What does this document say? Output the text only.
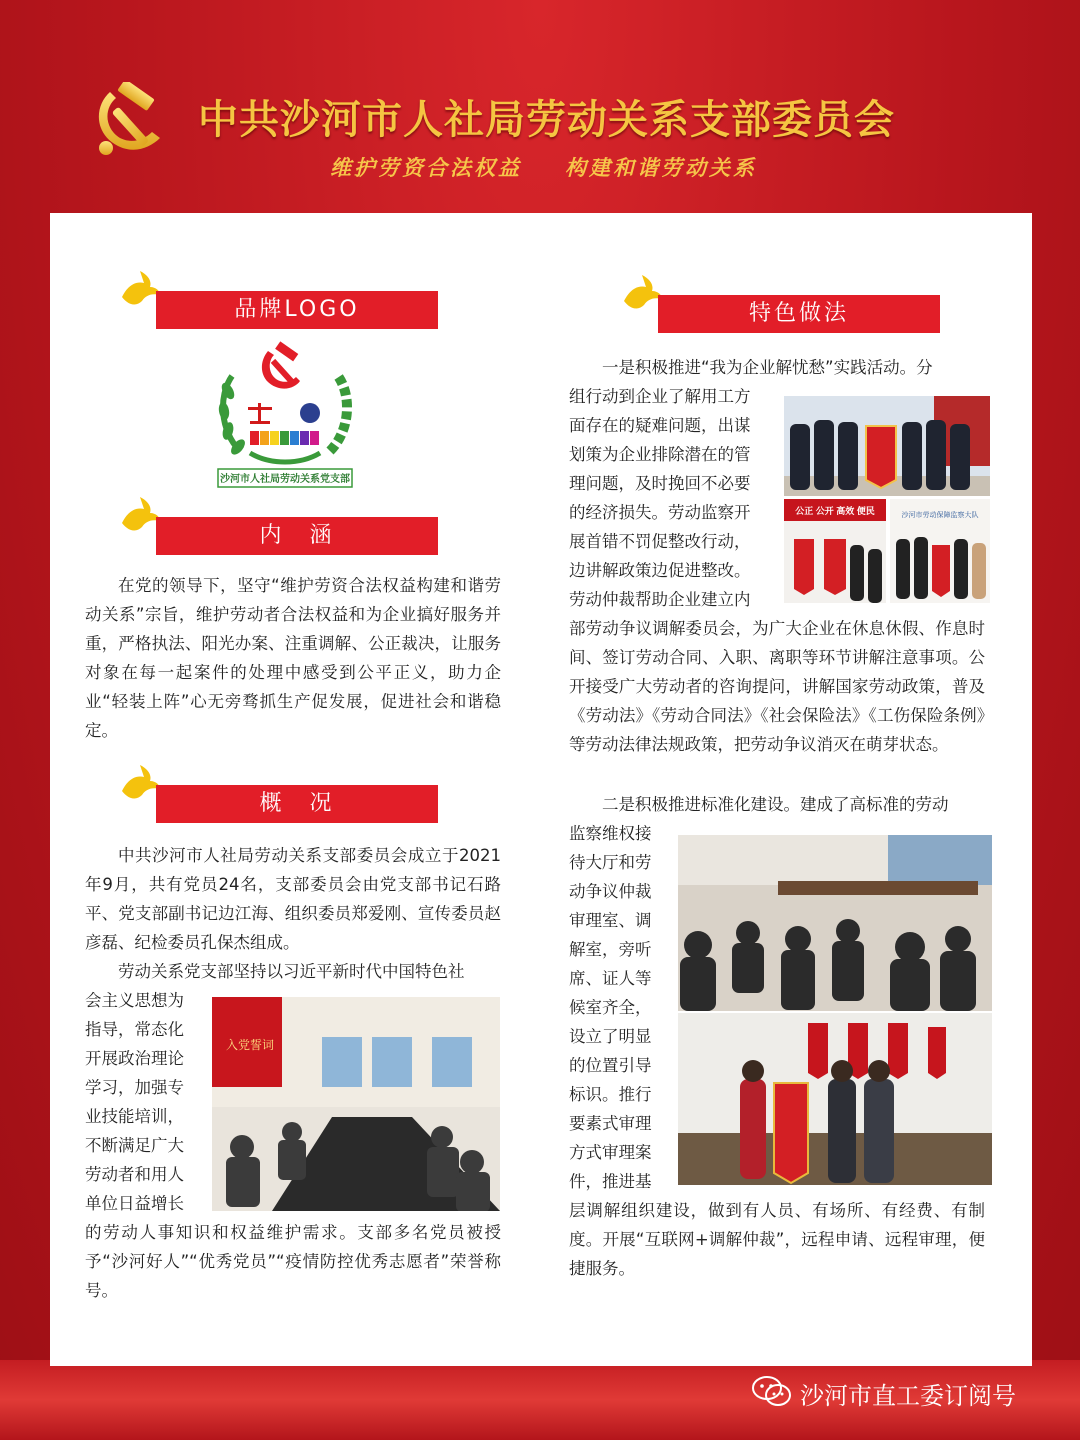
中共沙河市人社局劳动关系支部委员会
维护劳资合法权益 构建和谐劳动关系
品牌LOGO
沙河市人社局劳动关系党支部
内　涵

在党的领导下，坚守“维护劳资合法权益构建和谐劳动关系”宗旨，维护劳动者合法权益和为企业搞好服务并重，严格执法、阳光办案、注重调解、公正裁决，让服务对象在每一起案件的处理中感受到公平正义，助力企业“轻装上阵”心无旁骛抓生产促发展，促进社会和谐稳定。

概　况

中共沙河市人社局劳动关系支部委员会成立于2021年9月，共有党员24名，支部委员会由党支部书记石路平、党支部副书记边江海、组织委员郑爱刚、宣传委员赵彦磊、纪检委员孔保杰组成。

劳动关系党支部坚持以习近平新时代中国特色社

会主义思想为
指导，常态化
开展政治理论
学习，加强专
业技能培训，
不断满足广大
劳动者和用人
单位日益增长

的劳动人事知识和权益维护需求。支部多名党员被授予“沙河好人”“优秀党员”“疫情防控优秀志愿者”荣誉称号。

入党誓词
特色做法

一是积极推进“我为企业解忧愁”实践活动。分

组行动到企业了解用工方
面存在的疑难问题，出谋
划策为企业排除潜在的管
理问题，及时挽回不必要
的经济损失。劳动监察开
展首错不罚促整改行动，
边讲解政策边促进整改。
劳动仲裁帮助企业建立内

部劳动争议调解委员会，为广大企业在休息休假、作息时间、签订劳动合同、入职、离职等环节讲解注意事项。公开接受广大劳动者的咨询提问，讲解国家劳动政策，普及《劳动法》《劳动合同法》《社会保险法》《工伤保险条例》等劳动法律法规政策，把劳动争议消灭在萌芽状态。

二是积极推进标准化建设。建成了高标准的劳动

监察维权接
待大厅和劳
动争议仲裁
审理室、调
解室，旁听
席、证人等
候室齐全，
设立了明显
的位置引导
标识。推行
要素式审理
方式审理案
件，推进基

层调解组织建设，做到有人员、有场所、有经费、有制度。开展“互联网+调解仲裁”，远程申请、远程审理，便捷服务。

公正 公开 高效 便民	沙河市劳动保障监察大队
沙河市直工委订阅号
